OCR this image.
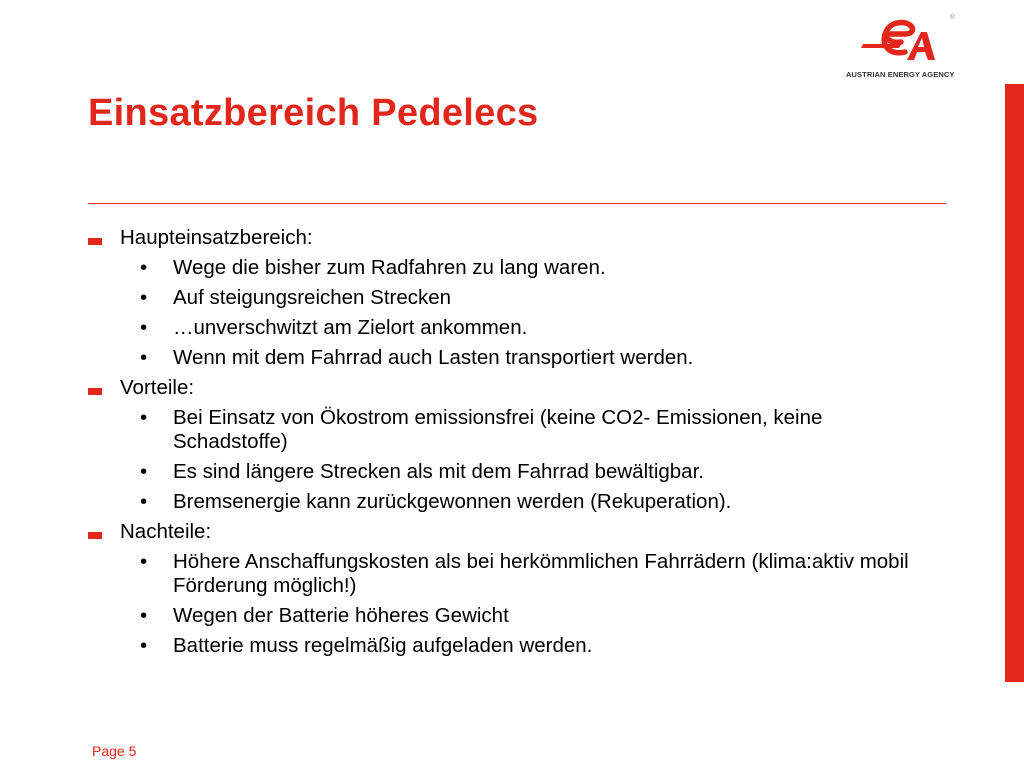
®
AUSTRIAN ENERGY AGENCY
Einsatzbereich Pedelecs
Haupteinsatzbereich:
• Wege die bisher zum Radfahren zu lang waren.
• Auf steigungsreichen Strecken
• …unverschwitzt am Zielort ankommen.
• Wenn mit dem Fahrrad auch Lasten transportiert werden.
Vorteile:
• Bei Einsatz von Ökostrom emissionsfrei (keine CO2- Emissionen, keine Schadstoffe)
• Es sind längere Strecken als mit dem Fahrrad bewältigbar.
• Bremsenergie kann zurückgewonnen werden (Rekuperation).
Nachteile:
• Höhere Anschaffungskosten als bei herkömmlichen Fahrrädern (klima:aktiv mobil Förderung möglich!)
• Wegen der Batterie höheres Gewicht
• Batterie muss regelmäßig aufgeladen werden.
Page 5
